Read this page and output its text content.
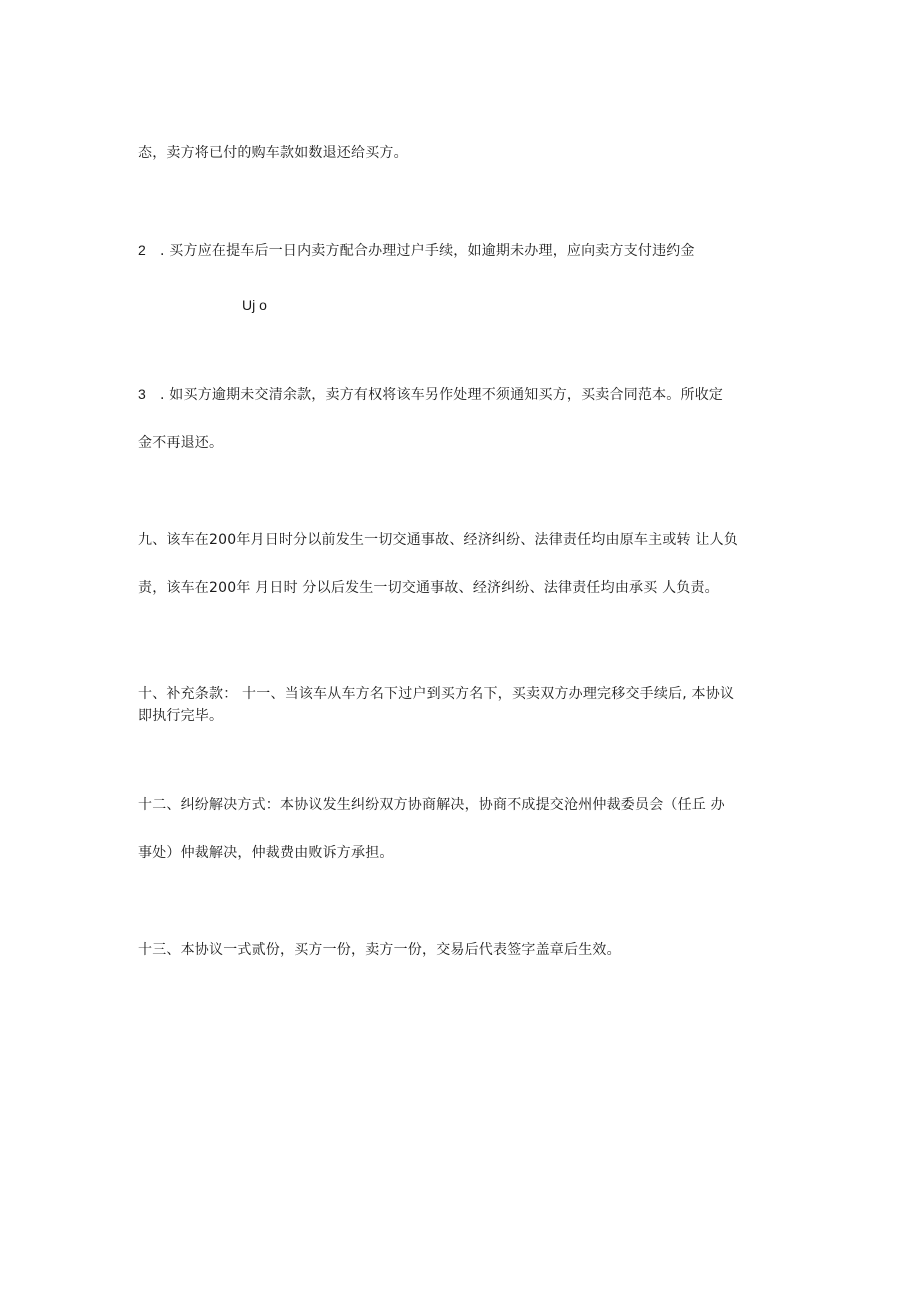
态，卖方将已付的购车款如数退还给买方。
2 . 买方应在提车后一日内卖方配合办理过户手续，如逾期未办理，应向卖方支付违约金
Uj o
3 . 如买方逾期未交清余款，卖方有权将该车另作处理不须通知买方，买卖合同范本。所收定
金不再退还。
九、该车在200年月日时分以前发生一切交通事故、经济纠纷、法律责任均由原车主或转 让人负
责，该车在200年 月日时 分以后发生一切交通事故、经济纠纷、法律责任均由承买 人负责。
十、补充条款： 十一、当该车从车方名下过户到买方名下，买卖双方办理完移交手续后, 本协议
即执行完毕。
十二、纠纷解决方式：本协议发生纠纷双方协商解决，协商不成提交沧州仲裁委员会（任丘 办
事处）仲裁解决，仲裁费由败诉方承担。
十三、本协议一式贰份，买方一份，卖方一份，交易后代表签字盖章后生效。
